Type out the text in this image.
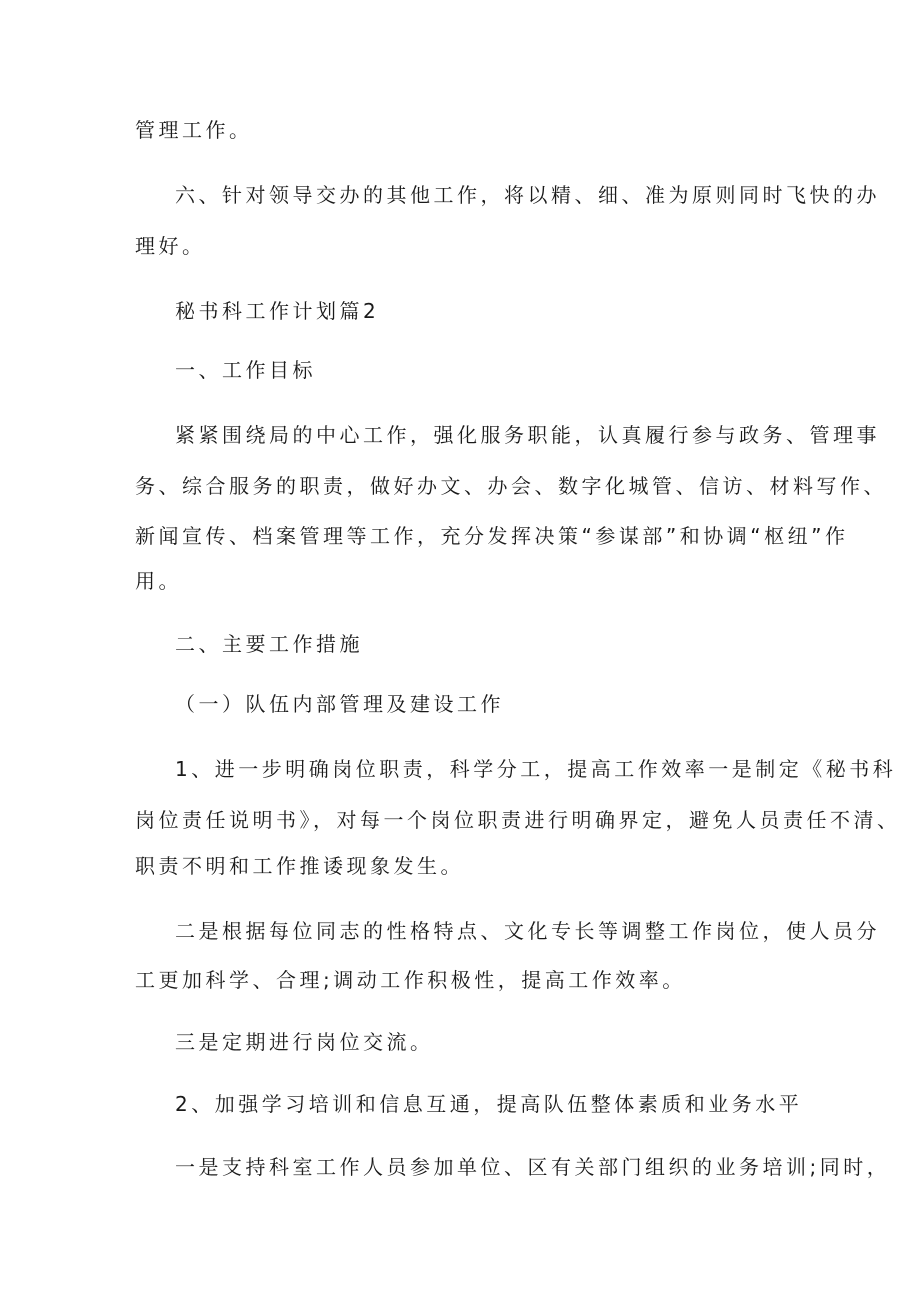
管理工作。
六、针对领导交办的其他工作，将以精、细、准为原则同时飞快的办
理好。
秘书科工作计划篇2
一、工作目标
紧紧围绕局的中心工作，强化服务职能，认真履行参与政务、管理事
务、综合服务的职责，做好办文、办会、数字化城管、信访、材料写作、
新闻宣传、档案管理等工作，充分发挥决策“参谋部”和协调“枢纽”作
用。
二、主要工作措施
（一）队伍内部管理及建设工作
1、进一步明确岗位职责，科学分工，提高工作效率一是制定《秘书科
岗位责任说明书》，对每一个岗位职责进行明确界定，避免人员责任不清、
职责不明和工作推诿现象发生。
二是根据每位同志的性格特点、文化专长等调整工作岗位，使人员分
工更加科学、合理;调动工作积极性，提高工作效率。
三是定期进行岗位交流。
2、加强学习培训和信息互通，提高队伍整体素质和业务水平
一是支持科室工作人员参加单位、区有关部门组织的业务培训;同时，
